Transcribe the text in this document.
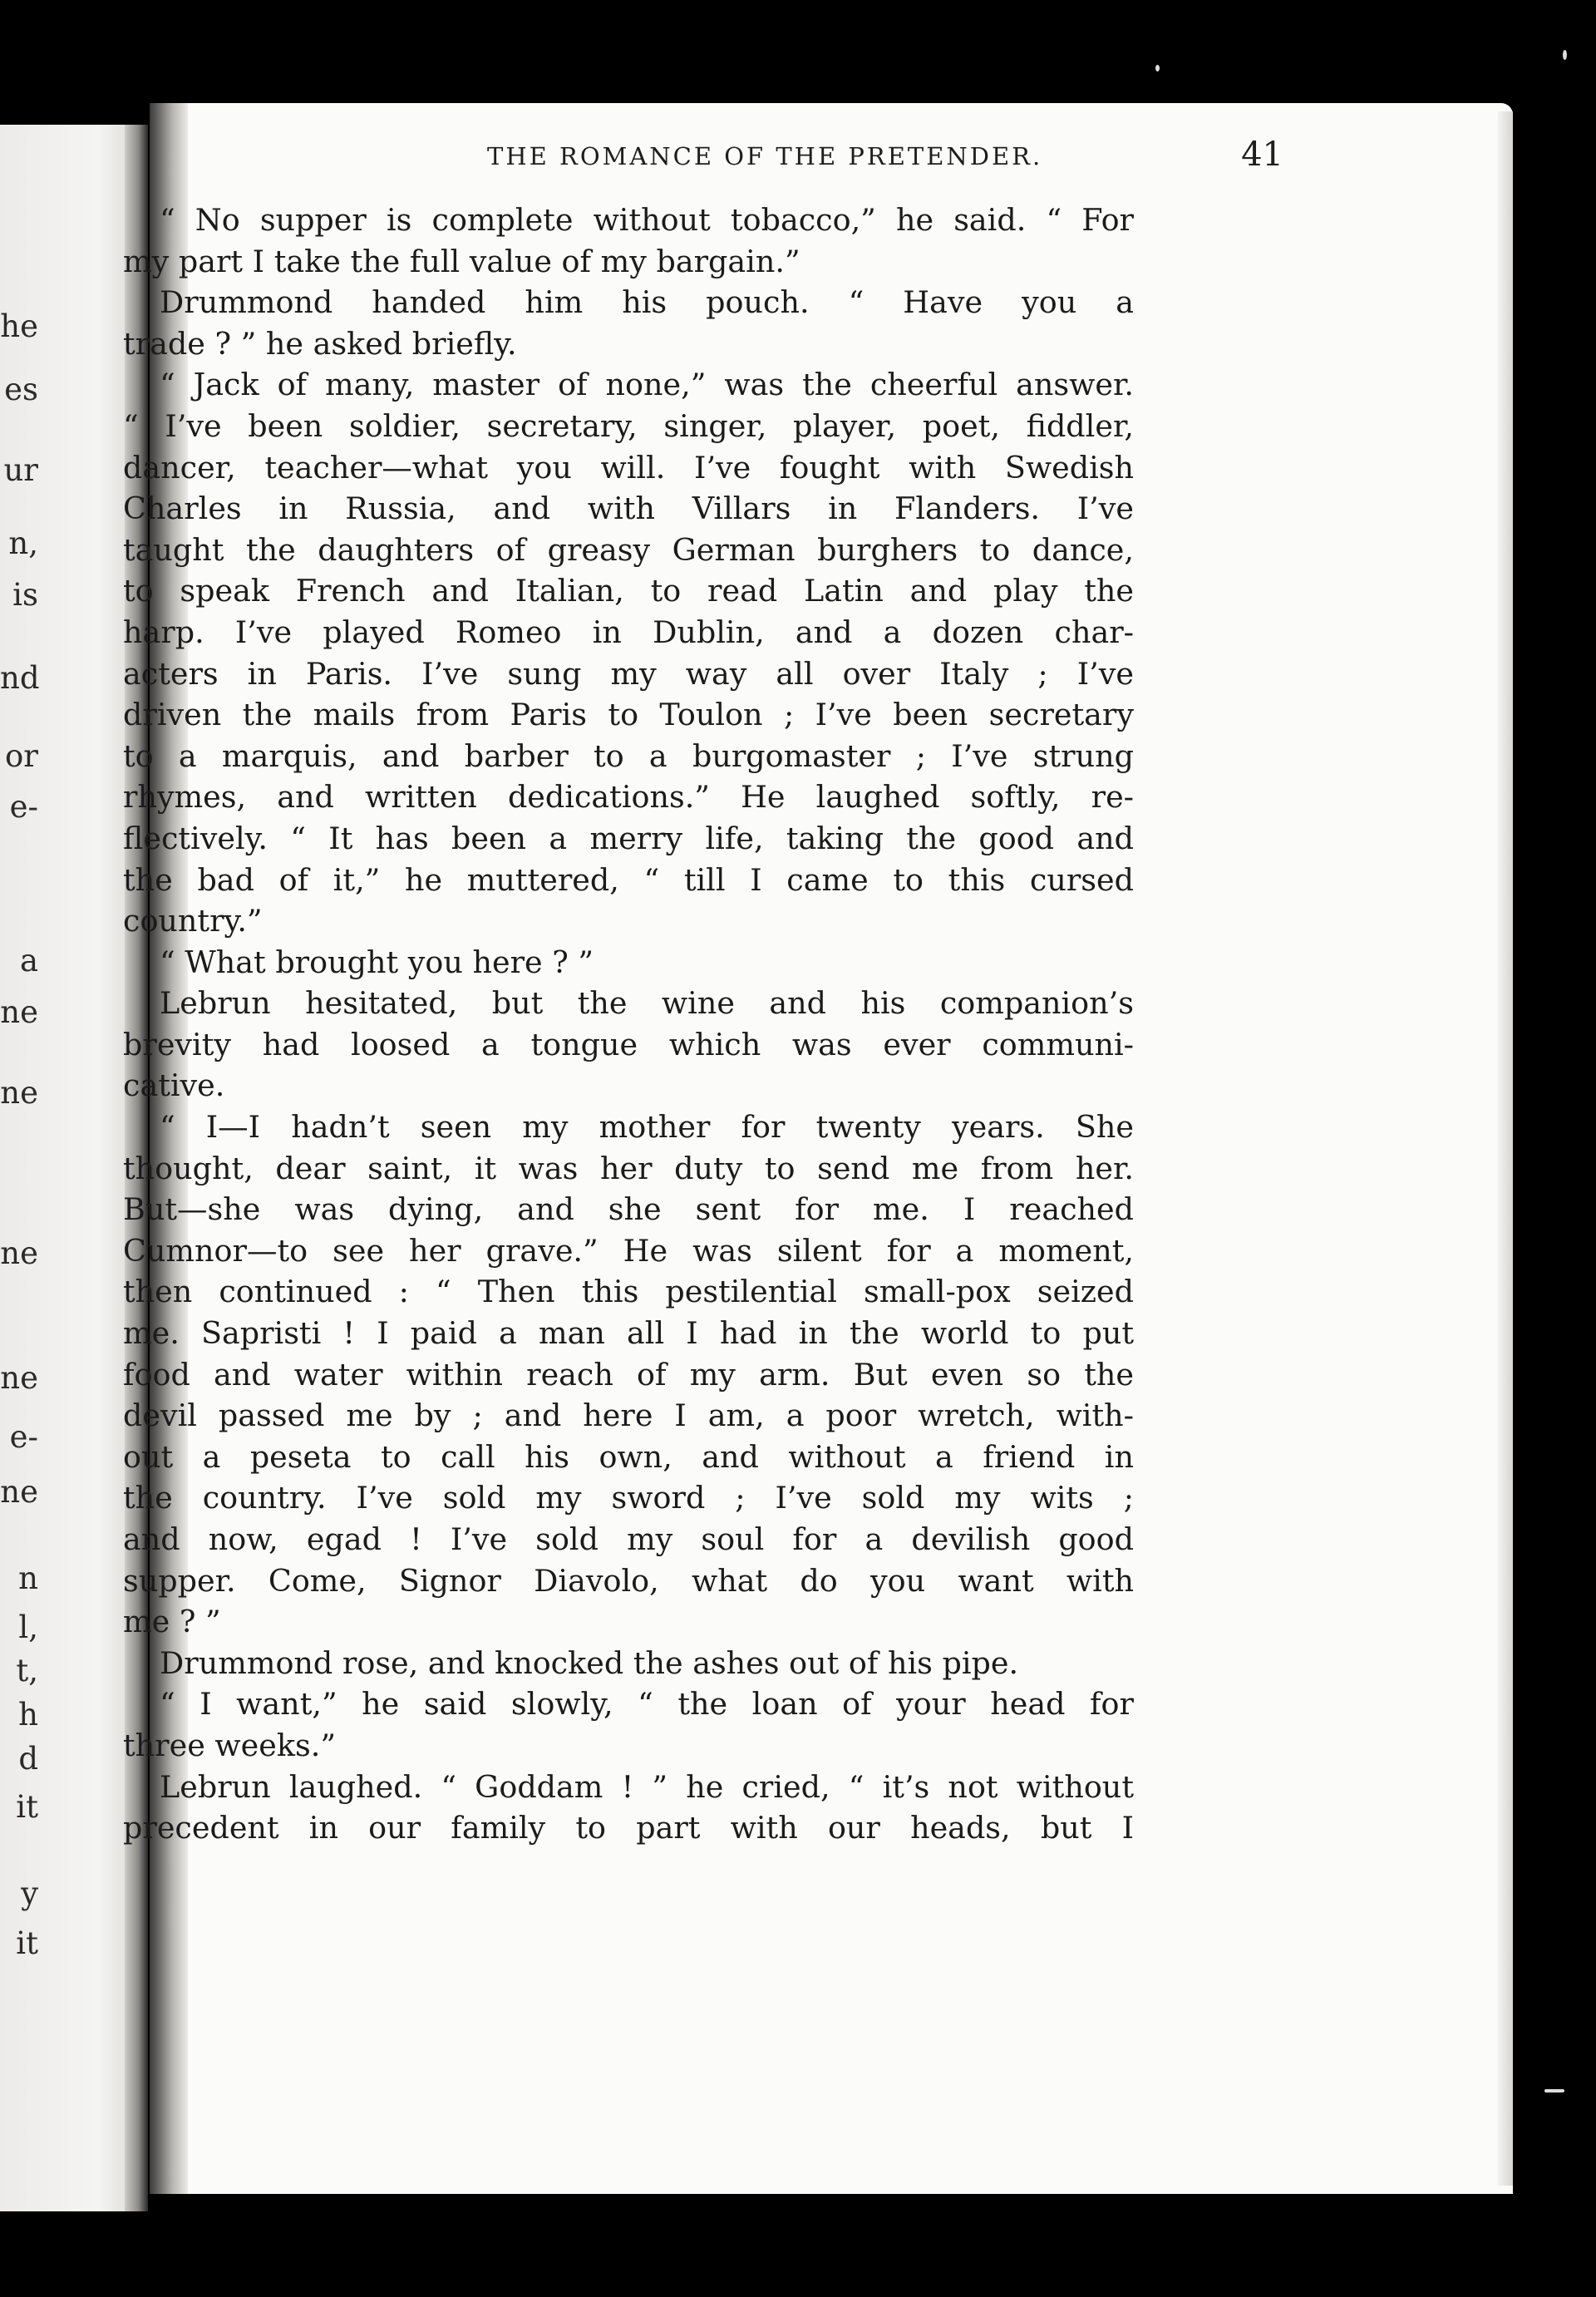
he
es
ur
n,
is
nd
or
e-
a
ne
ne
ne
ne
e-
ne
n
l,
t,
h
d
it
y
it
THE ROMANCE OF THE PRETENDER.	41
“ No supper is complete without tobacco,” he said. “ For
my part I take the full value of my bargain.”
Drummond handed him his pouch. “ Have you a
trade ? ” he asked briefly.
“ Jack of many, master of none,” was the cheerful answer.
“ I’ve been soldier, secretary, singer, player, poet, fiddler,
dancer, teacher—what you will. I’ve fought with Swedish
Charles in Russia, and with Villars in Flanders. I’ve
taught the daughters of greasy German burghers to dance,
to speak French and Italian, to read Latin and play the
harp. I’ve played Romeo in Dublin, and a dozen char-
acters in Paris. I’ve sung my way all over Italy ; I’ve
driven the mails from Paris to Toulon ; I’ve been secretary
to a marquis, and barber to a burgomaster ; I’ve strung
rhymes, and written dedications.” He laughed softly, re-
flectively. “ It has been a merry life, taking the good and
the bad of it,” he muttered, “ till I came to this cursed
country.”
“ What brought you here ? ”
Lebrun hesitated, but the wine and his companion’s
brevity had loosed a tongue which was ever communi-
cative.
“ I—I hadn’t seen my mother for twenty years. She
thought, dear saint, it was her duty to send me from her.
But—she was dying, and she sent for me. I reached
Cumnor—to see her grave.” He was silent for a moment,
then continued : “ Then this pestilential small-pox seized
me. Sapristi ! I paid a man all I had in the world to put
food and water within reach of my arm. But even so the
devil passed me by ; and here I am, a poor wretch, with-
out a peseta to call his own, and without a friend in
the country. I’ve sold my sword ; I’ve sold my wits ;
and now, egad ! I’ve sold my soul for a devilish good
supper. Come, Signor Diavolo, what do you want with
me ? ”
Drummond rose, and knocked the ashes out of his pipe.
“ I want,” he said slowly, “ the loan of your head for
three weeks.”
Lebrun laughed. “ Goddam ! ” he cried, “ it’s not without
precedent in our family to part with our heads, but I
